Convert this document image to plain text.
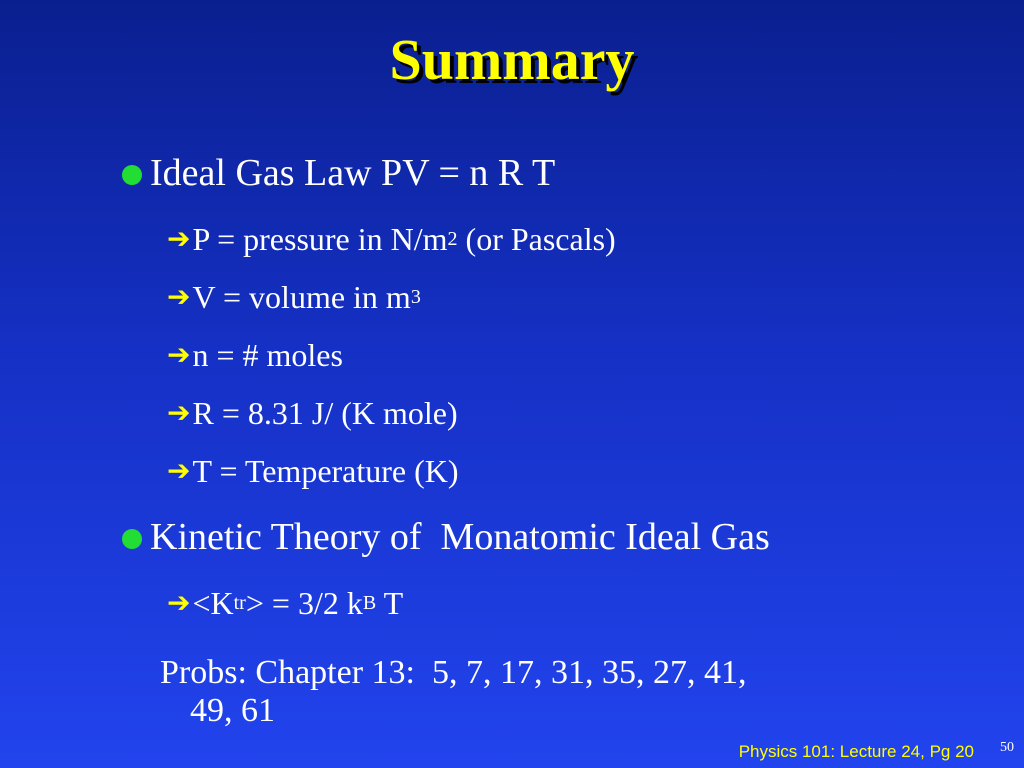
Summary
Ideal Gas Law PV = n R T
➔ P = pressure in N/m 2 (or Pascals)
➔ V = volume in m 3
➔ n = # moles
➔ R = 8.31 J/ (K mole)
➔ T = Temperature (K)
Kinetic Theory of  Monatomic Ideal Gas
➔ <K tr > = 3/2 k B T
Probs: Chapter 13:  5, 7, 17, 31, 35, 27, 41,
49, 61
Physics 101: Lecture 24, Pg 20 50
